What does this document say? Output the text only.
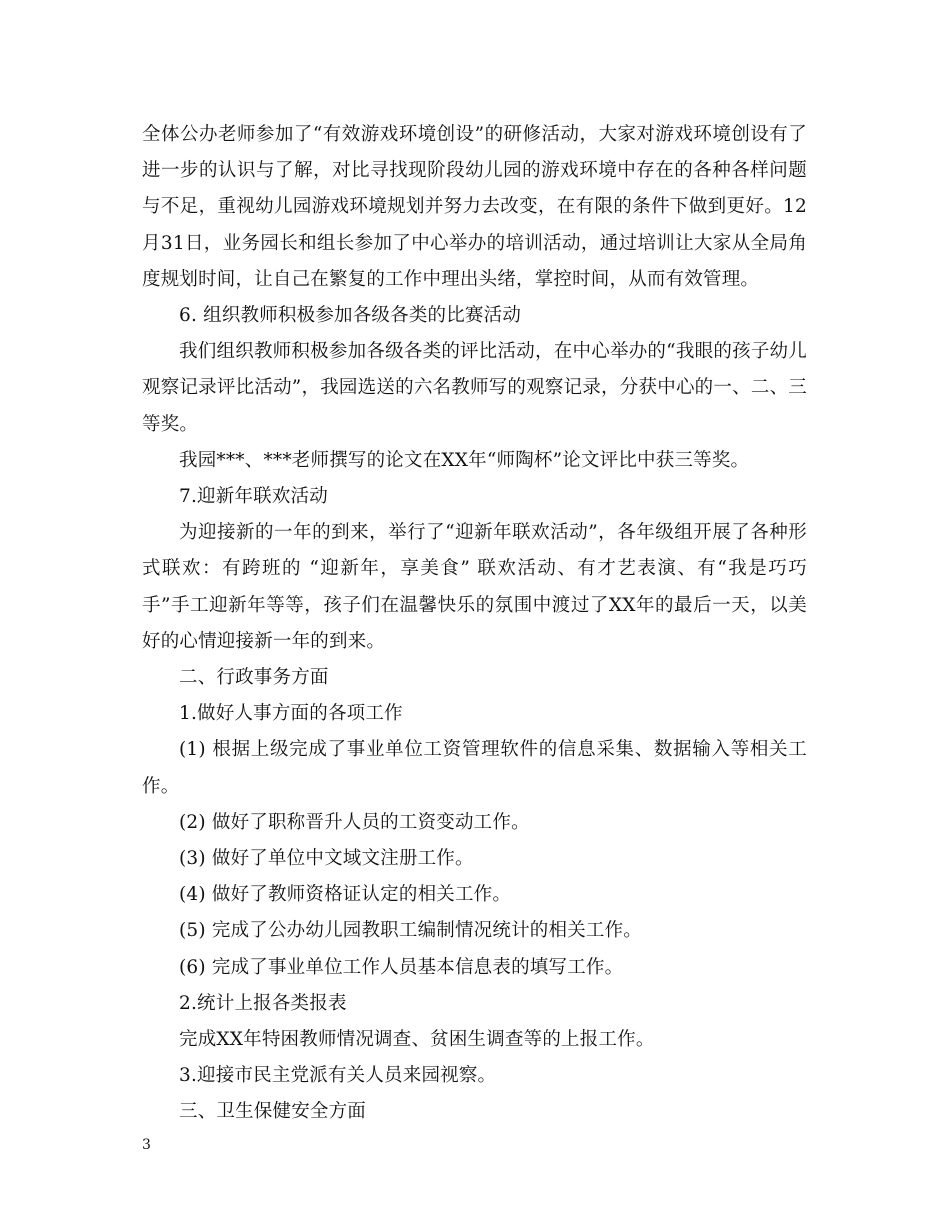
全体公办老师参加了“有效游戏环境创设”的研修活动，大家对游戏环境创设有了进一步的认识与了解，对比寻找现阶段幼儿园的游戏环境中存在的各种各样问题与不足，重视幼儿园游戏环境规划并努力去改变，在有限的条件下做到更好。12月31日，业务园长和组长参加了中心举办的培训活动，通过培训让大家从全局角度规划时间，让自己在繁复的工作中理出头绪，掌控时间，从而有效管理。

6. 组织教师积极参加各级各类的比赛活动

我们组织教师积极参加各级各类的评比活动，在中心举办的“我眼的孩子幼儿观察记录评比活动”，我园选送的六名教师写的观察记录，分获中心的一、二、三等奖。

我园***、***老师撰写的论文在XX年“师陶杯”论文评比中获三等奖。

7.迎新年联欢活动

为迎接新的一年的到来，举行了“迎新年联欢活动”，各年级组开展了各种形式联欢：有跨班的 “迎新年，享美食” 联欢活动、有才艺表演、有“我是巧巧手”手工迎新年等等，孩子们在温馨快乐的氛围中渡过了XX年的最后一天，以美好的心情迎接新一年的到来。

二、行政事务方面

1.做好人事方面的各项工作

(1) 根据上级完成了事业单位工资管理软件的信息采集、数据输入等相关工作。

(2) 做好了职称晋升人员的工资变动工作。

(3) 做好了单位中文域文注册工作。

(4) 做好了教师资格证认定的相关工作。

(5) 完成了公办幼儿园教职工编制情况统计的相关工作。

(6) 完成了事业单位工作人员基本信息表的填写工作。

2.统计上报各类报表

完成XX年特困教师情况调查、贫困生调查等的上报工作。

3.迎接市民主党派有关人员来园视察。

三、卫生保健安全方面

3
